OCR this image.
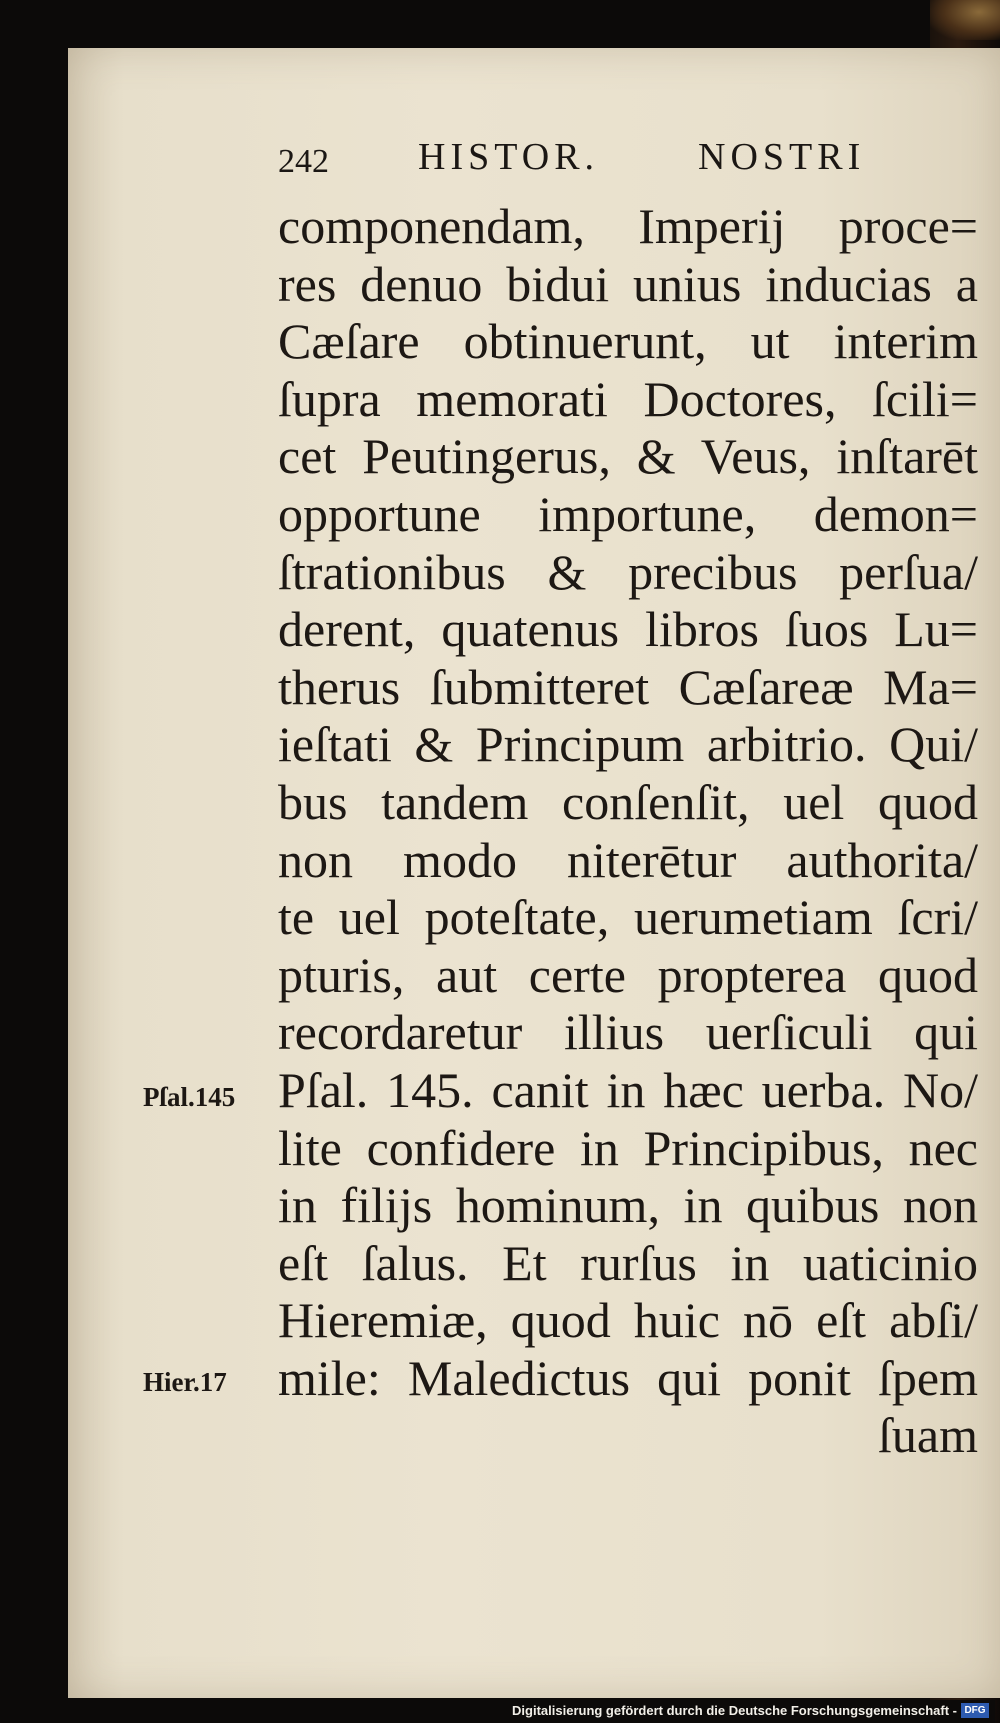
242 HISTOR.	NOSTRI
componendam, Imperij proce=
res denuo bidui unius inducias a
Cæſare obtinuerunt, ut interim
ſupra memorati Doctores, ſcili=
cet Peutingerus, & Veus, inſtarēt
opportune importune, demon=
ſtrationibus & precibus perſua/
derent, quatenus libros ſuos Lu=
therus ſubmitteret Cæſareæ Ma=
ieſtati & Principum arbitrio. Qui/
bus tandem conſenſit, uel quod
non modo niterētur authorita/
te uel poteſtate, uerumetiam ſcri/
pturis, aut certe propterea quod
recordaretur illius uerſiculi qui
Pſal. 145. canit in hæc uerba. No/
lite confidere in Principibus, nec
in filijs hominum, in quibus non
eſt ſalus. Et rurſus in uaticinio
Hieremiæ, quod huic nō eſt abſi/
mile: Maledictus qui ponit ſpem
ſuam
Pſal.145
Hier.17
Digitalisierung gefördert durch die Deutsche Forschungsgemeinschaft - DFG
